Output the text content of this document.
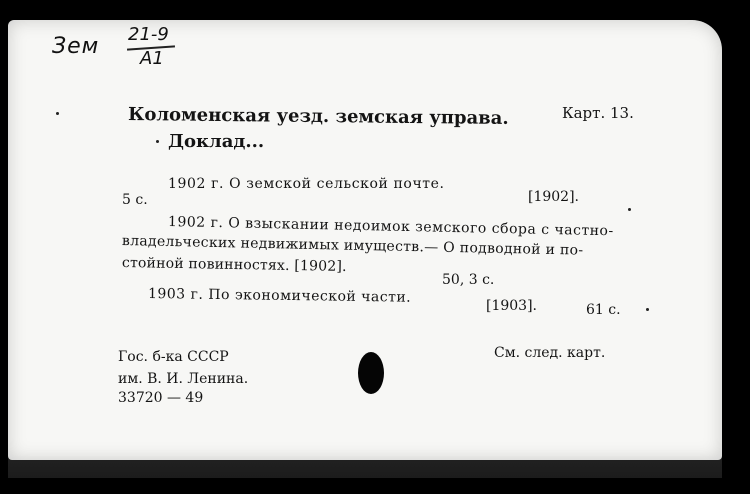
Зем 21-9
A1
Карт. 13.
Коломенская уезд. земская управа.
Доклад...
1902 г. О земской сельской почте.
[1902].
5 с.
1902 г. О взыскании недоимок земского сбора с частно-
владельческих недвижимых имуществ.— О подводной и по-
стойной повинностях. [1902].
50, 3 с.
1903 г. По экономической части.
[1903].	61 с.
Гос. б-ка СССР
им. В. И. Ленина.
33720 — 49
См. след. карт.
